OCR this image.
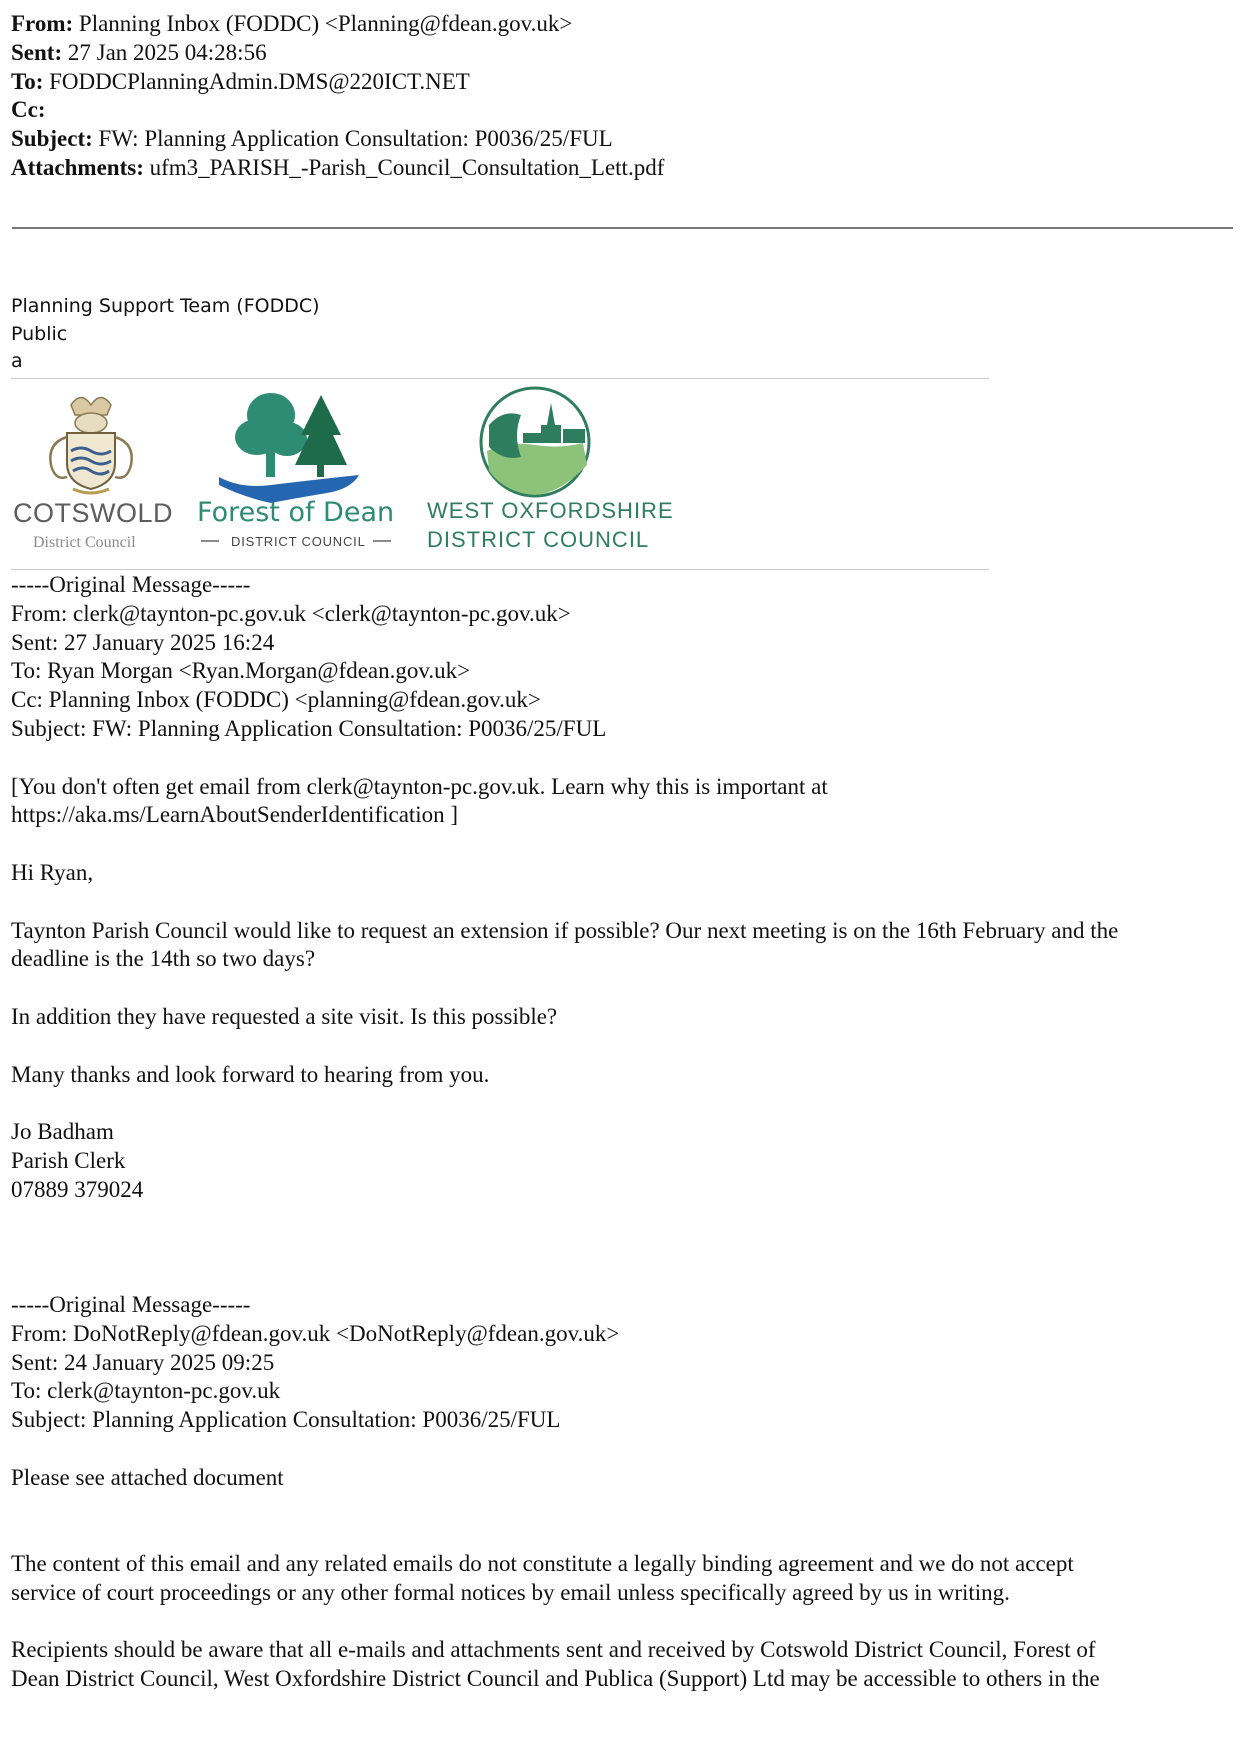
From: Planning Inbox (FODDC) <Planning@fdean.gov.uk>
Sent: 27 Jan 2025 04:28:56
To: FODDCPlanningAdmin.DMS@220ICT.NET
Cc:
Subject: FW: Planning Application Consultation: P0036/25/FUL
Attachments: ufm3_PARISH_-Parish_Council_Consultation_Lett.pdf
Planning Support Team (FODDC)
Public
a
COTSWOLD
District Council
Forest of Dean
DISTRICT COUNCIL
WEST OXFORDSHIRE
DISTRICT COUNCIL
-----Original Message-----
From: clerk@taynton-pc.gov.uk <clerk@taynton-pc.gov.uk>
Sent: 27 January 2025 16:24
To: Ryan Morgan <Ryan.Morgan@fdean.gov.uk>
Cc: Planning Inbox (FODDC) <planning@fdean.gov.uk>
Subject: FW: Planning Application Consultation: P0036/25/FUL
[You don't often get email from clerk@taynton-pc.gov.uk. Learn why this is important at
https://aka.ms/LearnAboutSenderIdentification ]
Hi Ryan,
Taynton Parish Council would like to request an extension if possible? Our next meeting is on the 16th February and the
deadline is the 14th so two days?
In addition they have requested a site visit. Is this possible?
Many thanks and look forward to hearing from you.
Jo Badham
Parish Clerk
07889 379024
-----Original Message-----
From: DoNotReply@fdean.gov.uk <DoNotReply@fdean.gov.uk>
Sent: 24 January 2025 09:25
To: clerk@taynton-pc.gov.uk
Subject: Planning Application Consultation: P0036/25/FUL
Please see attached document
The content of this email and any related emails do not constitute a legally binding agreement and we do not accept
service of court proceedings or any other formal notices by email unless specifically agreed by us in writing.
Recipients should be aware that all e-mails and attachments sent and received by Cotswold District Council, Forest of
Dean District Council, West Oxfordshire District Council and Publica (Support) Ltd may be accessible to others in the
